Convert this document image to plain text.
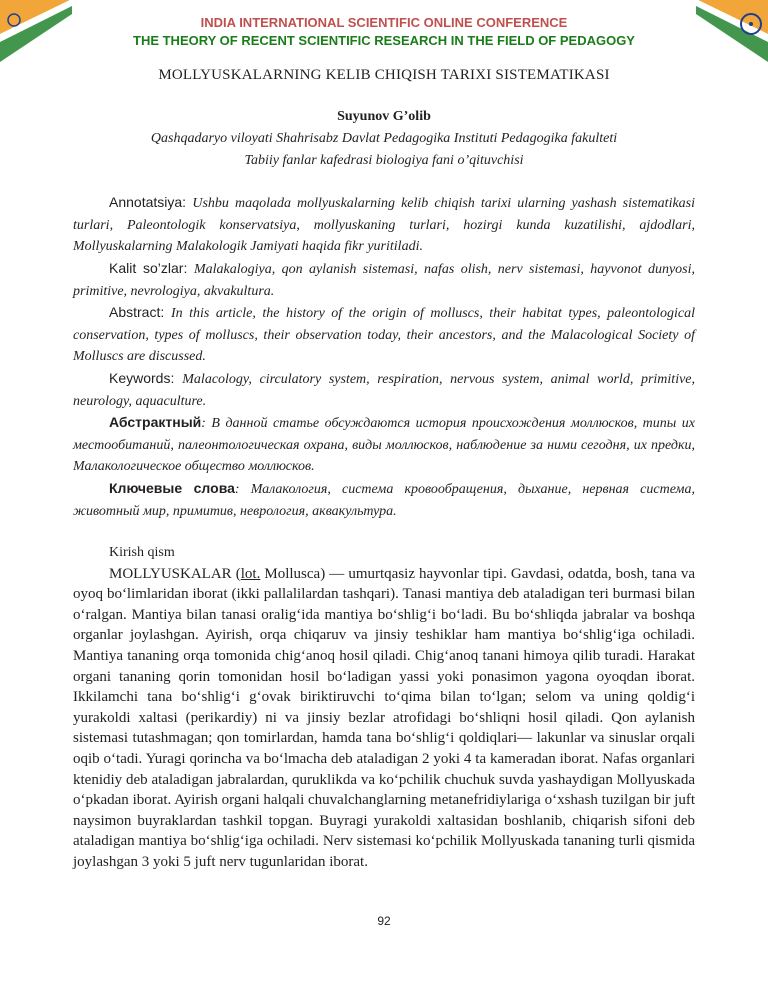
INDIA INTERNATIONAL SCIENTIFIC ONLINE CONFERENCE
THE THEORY OF RECENT SCIENTIFIC RESEARCH IN THE FIELD OF PEDAGOGY
MOLLYUSKALARNING KELIB CHIQISH TARIXI SISTEMATIKASI
Suyunov G’olib
Qashqadaryo viloyati Shahrisabz Davlat Pedagogika Instituti Pedagogika fakulteti
Tabiiy fanlar kafedrasi biologiya fani o’qituvchisi

Annotatsiya: Ushbu maqolada mollyuskalarning kelib chiqish tarixi ularning yashash sistematikasi turlari, Paleontologik konservatsiya, mollyuskaning turlari, hozirgi kunda kuzatilishi, ajdodlari, Mollyuskalarning Malakologik Jamiyati haqida fikr yuritiladi.

Kalit so’zlar: Malakalogiya, qon aylanish sistemasi, nafas olish, nerv sistemasi, hayvonot dunyosi, primitive, nevrologiya, akvakultura.

Abstract: In this article, the history of the origin of molluscs, their habitat types, paleontological conservation, types of molluscs, their observation today, their ancestors, and the Malacological Society of Molluscs are discussed.

Keywords: Malacology, circulatory system, respiration, nervous system, animal world, primitive, neurology, aquaculture.

Абстрактный: В данной статье обсуждаются история происхождения моллюсков, типы их местообитаний, палеонтологическая охрана, виды моллюсков, наблюдение за ними сегодня, их предки, Малакологическое общество моллюсков.

Ключевые слова: Малакология, система кровообращения, дыхание, нервная система, животный мир, примитив, неврология, аквакультура.

Kirish qism

MOLLYUSKALAR (lot. Mollusca) — umurtqasiz hayvonlar tipi. Gavdasi, odatda, bosh, tana va oyoq boʻlimlaridan iborat (ikki pallalilardan tashqari). Tanasi mantiya deb ataladigan teri burmasi bilan oʻralgan. Mantiya bilan tanasi oraligʻida mantiya boʻshligʻi boʻladi. Bu boʻshliqda jabralar va boshqa organlar joylashgan. Ayirish, orqa chiqaruv va jinsiy teshiklar ham mantiya boʻshligʻiga ochiladi. Mantiya tananing orqa tomonida chigʻanoq hosil qiladi. Chigʻanoq tanani himoya qilib turadi. Harakat organi tananing qorin tomonidan hosil boʻladigan yassi yoki ponasimon yagona oyoqdan iborat. Ikkilamchi tana boʻshligʻi gʻovak biriktiruvchi toʻqima bilan toʻlgan; selom va uning qoldigʻi yurakoldi xaltasi (perikardiy) ni va jinsiy bezlar atrofidagi boʻshliqni hosil qiladi. Qon aylanish sistemasi tutashmagan; qon tomirlardan, hamda tana boʻshligʻi qoldiqlari— lakunlar va sinuslar orqali oqib oʻtadi. Yuragi qorincha va boʻlmacha deb ataladigan 2 yoki 4 ta kameradan iborat. Nafas organlari ktenidiy deb ataladigan jabralardan, quruklikda va koʻpchilik chuchuk suvda yashaydigan Mollyuskada oʻpkadan iborat. Ayirish organi halqali chuvalchanglarning metanefridiylariga oʻxshash tuzilgan bir juft naysimon buyraklardan tashkil topgan. Buyragi yurakoldi xaltasidan boshlanib, chiqarish sifoni deb ataladigan mantiya boʻshligʻiga ochiladi. Nerv sistemasi koʻpchilik Mollyuskada tananing turli qismida joylashgan 3 yoki 5 juft nerv tugunlaridan iborat.

92
